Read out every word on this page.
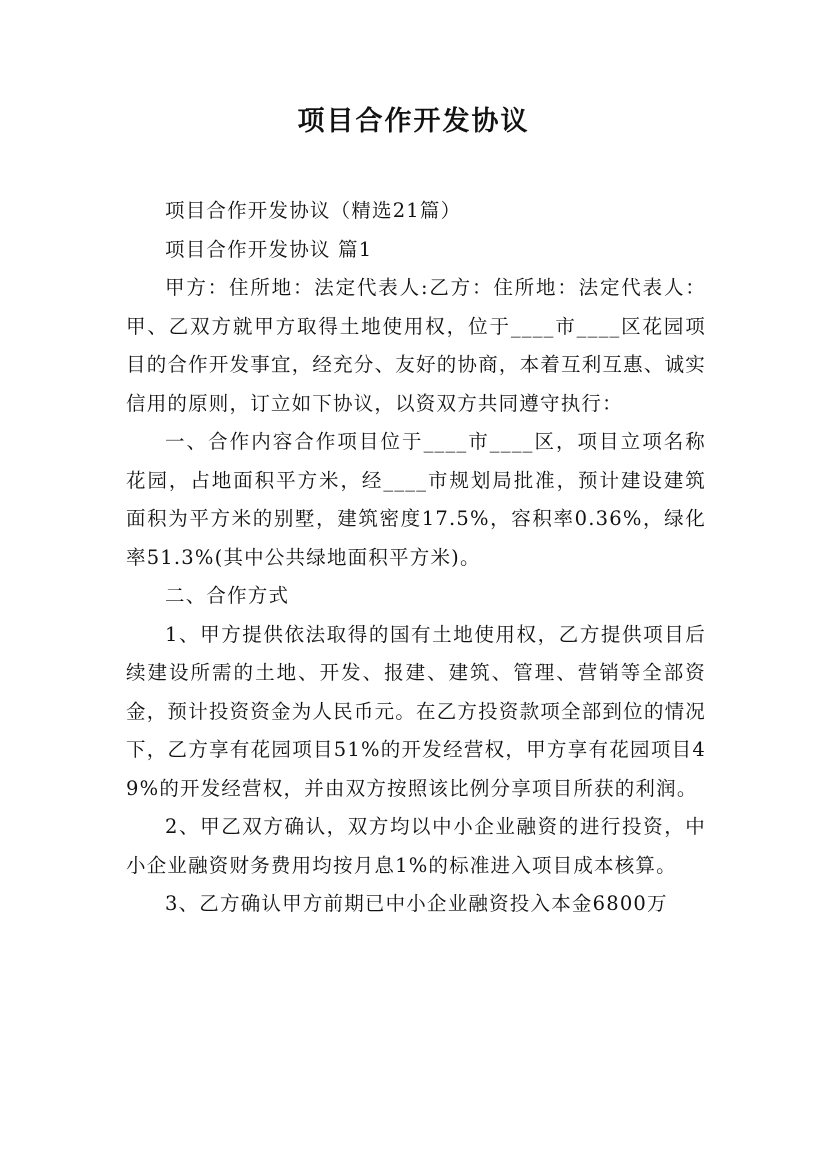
项目合作开发协议

项目合作开发协议（精选21篇）

项目合作开发协议 篇1

甲方：住所地：法定代表人:乙方：住所地：法定代表人：甲、乙双方就甲方取得土地使用权，位于____市____区花园项目的合作开发事宜，经充分、友好的协商，本着互利互惠、诚实信用的原则，订立如下协议，以资双方共同遵守执行：

一、合作内容合作项目位于____市____区，项目立项名称花园，占地面积平方米，经____市规划局批准，预计建设建筑面积为平方米的别墅，建筑密度17.5%，容积率0.36%，绿化率51.3%(其中公共绿地面积平方米)。

二、合作方式

1、甲方提供依法取得的国有土地使用权，乙方提供项目后续建设所需的土地、开发、报建、建筑、管理、营销等全部资金，预计投资资金为人民币元。在乙方投资款项全部到位的情况下，乙方享有花园项目51%的开发经营权，甲方享有花园项目49%的开发经营权，并由双方按照该比例分享项目所获的利润。

2、甲乙双方确认，双方均以中小企业融资的进行投资，中小企业融资财务费用均按月息1%的标准进入项目成本核算。

3、乙方确认甲方前期已中小企业融资投入本金6800万
